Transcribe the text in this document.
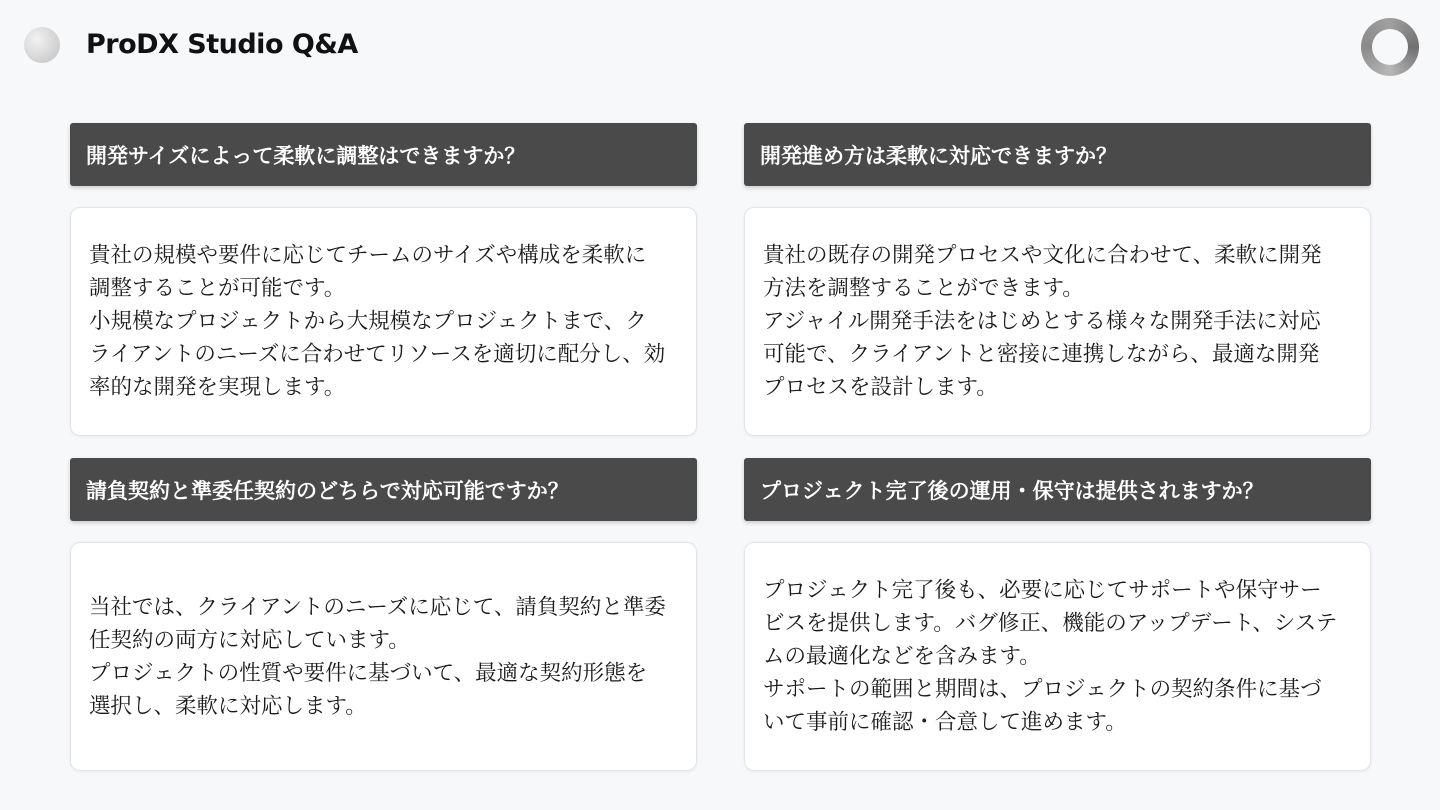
ProDX Studio Q&A
開発サイズによって柔軟に調整はできますか？

貴社の規模や要件に応じてチームのサイズや構成を柔軟に調整することが可能です。

小規模なプロジェクトから大規模なプロジェクトまで、クライアントのニーズに合わせてリソースを適切に配分し、効率的な開発を実現します。

開発進め方は柔軟に対応できますか？

貴社の既存の開発プロセスや文化に合わせて、柔軟に開発方法を調整することができます。

アジャイル開発手法をはじめとする様々な開発手法に対応可能で、クライアントと密接に連携しながら、最適な開発プロセスを設計します。

請負契約と準委任契約のどちらで対応可能ですか？

当社では、クライアントのニーズに応じて、請負契約と準委任契約の両方に対応しています。

プロジェクトの性質や要件に基づいて、最適な契約形態を選択し、柔軟に対応します。

プロジェクト完了後の運用・保守は提供されますか？

プロジェクト完了後も、必要に応じてサポートや保守サービスを提供します。バグ修正、機能のアップデート、システムの最適化などを含みます。

サポートの範囲と期間は、プロジェクトの契約条件に基づいて事前に確認・合意して進めます。
